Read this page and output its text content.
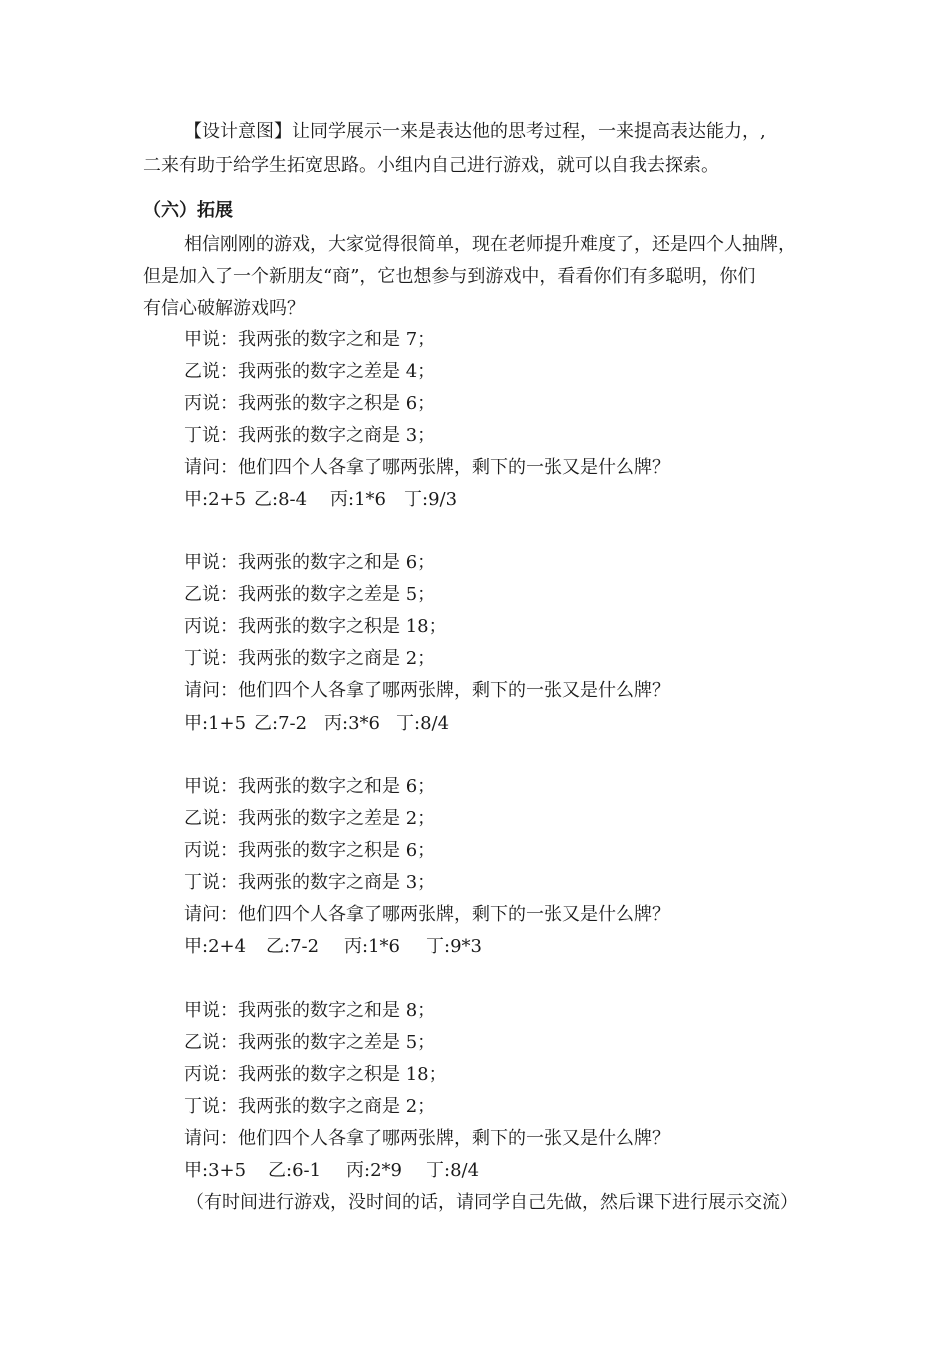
【设计意图】让同学展示一来是表达他的思考过程，一来提高表达能力，,
二来有助于给学生拓宽思路。小组内自己进行游戏，就可以自我去探索。
（六）拓展
相信刚刚的游戏，大家觉得很简单，现在老师提升难度了，还是四个人抽牌，
但是加入了一个新朋友“商”，它也想参与到游戏中，看看你们有多聪明，你们
有信心破解游戏吗？
甲说：我两张的数字之和是 7；
乙说：我两张的数字之差是 4；
丙说：我两张的数字之积是 6；
丁说：我两张的数字之商是 3；
请问：他们四个人各拿了哪两张牌，剩下的一张又是什么牌？
甲:2+5 乙:8-4 丙:1*6 丁:9/3
甲说：我两张的数字之和是 6；
乙说：我两张的数字之差是 5；
丙说：我两张的数字之积是 18；
丁说：我两张的数字之商是 2；
请问：他们四个人各拿了哪两张牌，剩下的一张又是什么牌？
甲:1+5 乙:7-2 丙:3*6 丁:8/4
甲说：我两张的数字之和是 6；
乙说：我两张的数字之差是 2；
丙说：我两张的数字之积是 6；
丁说：我两张的数字之商是 3；
请问：他们四个人各拿了哪两张牌，剩下的一张又是什么牌？
甲:2+4 乙:7-2 丙:1*6 丁:9*3
甲说：我两张的数字之和是 8；
乙说：我两张的数字之差是 5；
丙说：我两张的数字之积是 18；
丁说：我两张的数字之商是 2；
请问：他们四个人各拿了哪两张牌，剩下的一张又是什么牌？
甲:3+5 乙:6-1 丙:2*9 丁:8/4
（有时间进行游戏，没时间的话，请同学自己先做，然后课下进行展示交流）
